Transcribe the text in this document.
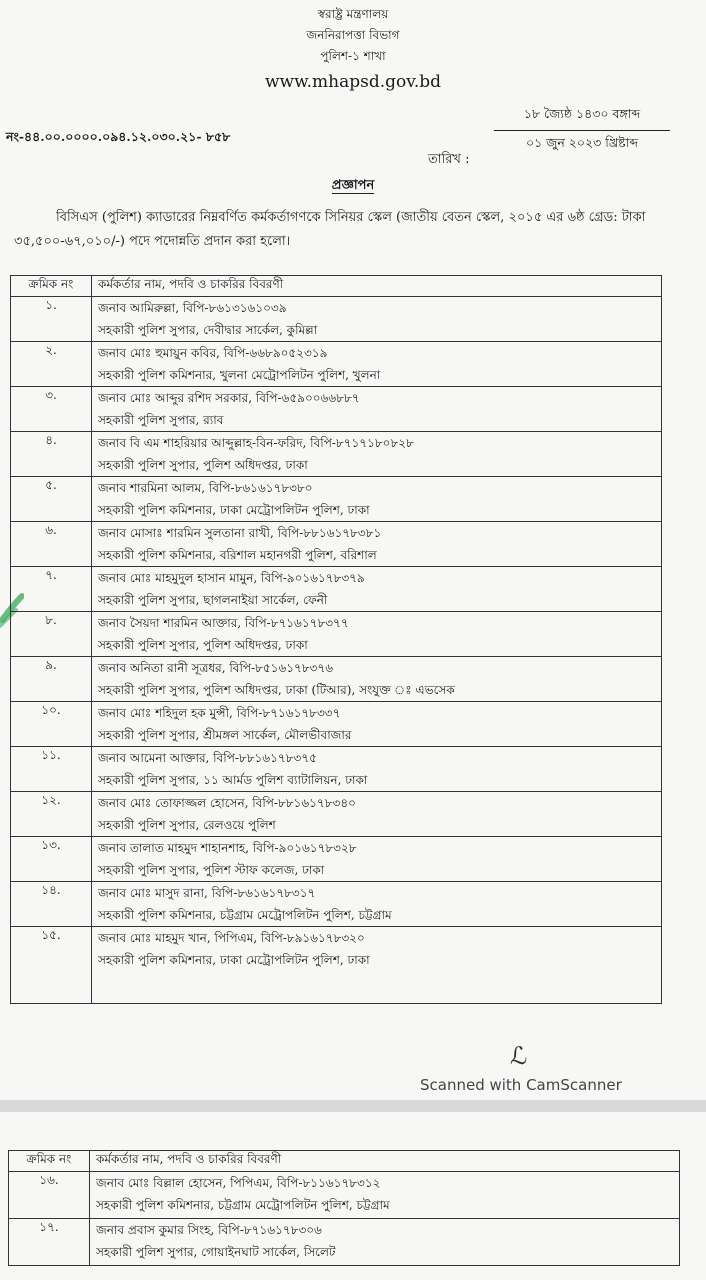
স্বরাষ্ট্র মন্ত্রণালয়
জননিরাপত্তা বিভাগ
পুলিশ-১ শাখা
www.mhapsd.gov.bd
নং-৪৪.০০.০০০০.০৯৪.১২.০৩০.২১- ৮৫৮
তারিখ :
১৮ জ্যৈষ্ঠ ১৪৩০ বঙ্গাব্দ
০১ জুন ২০২৩ খ্রিষ্টাব্দ
প্রজ্ঞাপন
বিসিএস (পুলিশ) ক্যাডারের নিম্নবর্ণিত কর্মকর্তাগণকে সিনিয়র স্কেল (জাতীয় বেতন স্কেল, ২০১৫ এর ৬ষ্ঠ গ্রেড: টাকা ৩৫,৫০০-৬৭,০১০/-) পদে পদোন্নতি প্রদান করা হলো।
ক্রমিক নং	কর্মকর্তার নাম, পদবি ও চাকরির বিবরণী
১.	জনাব আমিরুল্লা, বিপি-৮৬১৩১৬১০৩৯
সহকারী পুলিশ সুপার, দেবীদ্বার সার্কেল, কুমিল্লা

২.	জনাব মোঃ হুমায়ুন কবির, বিপি-৬৬৮৯০৫২৩১৯
সহকারী পুলিশ কমিশনার, খুলনা মেট্রোপলিটন পুলিশ, খুলনা

৩.	জনাব মোঃ আব্দুর রশিদ সরকার, বিপি-৬৫৯০০৬৬৮৮৭
সহকারী পুলিশ সুপার, র‍্যাব

৪.	জনাব বি এম শাহরিয়ার আব্দুল্লাহ-বিন-ফরিদ, বিপি-৮৭১৭১৮০৮২৮
সহকারী পুলিশ সুপার, পুলিশ অধিদপ্তর, ঢাকা

৫.	জনাব শারমিনা আলম, বিপি-৮৬১৬১৭৮৩৮০
সহকারী পুলিশ কমিশনার, ঢাকা মেট্রোপলিটন পুলিশ, ঢাকা

৬.	জনাব মোসাঃ শারমিন সুলতানা রাখী, বিপি-৮৮১৬১৭৮৩৮১
সহকারী পুলিশ কমিশনার, বরিশাল মহানগরী পুলিশ, বরিশাল

৭.	জনাব মোঃ মাহমুদুল হাসান মামুন, বিপি-৯০১৬১৭৮৩৭৯
সহকারী পুলিশ সুপার, ছাগলনাইয়া সার্কেল, ফেনী

৮.	জনাব সৈয়দা শারমিন আক্তার, বিপি-৮৭১৬১৭৮৩৭৭
সহকারী পুলিশ সুপার, পুলিশ অধিদপ্তর, ঢাকা

৯.	জনাব অনিতা রানী সূত্রধর, বিপি-৮৫১৬১৭৮৩৭৬
সহকারী পুলিশ সুপার, পুলিশ অধিদপ্তর, ঢাকা (টিআর), সংযুক্ত ঃ এভসেক

১০.	জনাব মোঃ শহিদুল হক মুন্সী, বিপি-৮৭১৬১৭৮৩৩৭
সহকারী পুলিশ সুপার, শ্রীমঙ্গল সার্কেল, মৌলভীবাজার

১১.	জনাব আমেনা আক্তার, বিপি-৮৮১৬১৭৮৩৭৫
সহকারী পুলিশ সুপার, ১১ আর্মড পুলিশ ব্যাটালিয়ন, ঢাকা

১২.	জনাব মোঃ তোফাজ্জল হোসেন, বিপি-৮৮১৬১৭৮৩৪০
সহকারী পুলিশ সুপার, রেলওয়ে পুলিশ

১৩.	জনাব তালাত মাহমুদ শাহানশাহ, বিপি-৯০১৬১৭৮৩২৮
সহকারী পুলিশ সুপার, পুলিশ স্টাফ কলেজ, ঢাকা

১৪.	জনাব মোঃ মাসুদ রানা, বিপি-৮৬১৬১৭৮৩১৭
সহকারী পুলিশ কমিশনার, চট্টগ্রাম মেট্রোপলিটন পুলিশ, চট্টগ্রাম

১৫.	জনাব মোঃ মাহমুদ খান, পিপিএম, বিপি-৮৯১৬১৭৮৩২০
সহকারী পুলিশ কমিশনার, ঢাকা মেট্রোপলিটন পুলিশ, ঢাকা
ℒ
Scanned with CamScanner
ক্রমিক নং	কর্মকর্তার নাম, পদবি ও চাকরির বিবরণী
১৬.	জনাব মোঃ বিল্লাল হোসেন, পিপিএম, বিপি-৮১১৬১৭৮৩১২
সহকারী পুলিশ কমিশনার, চট্টগ্রাম মেট্রোপলিটন পুলিশ, চট্টগ্রাম

১৭.	জনাব প্রবাস কুমার সিংহ, বিপি-৮৭১৬১৭৮৩০৬
সহকারী পুলিশ সুপার, গোয়াইনঘাট সার্কেল, সিলেট
